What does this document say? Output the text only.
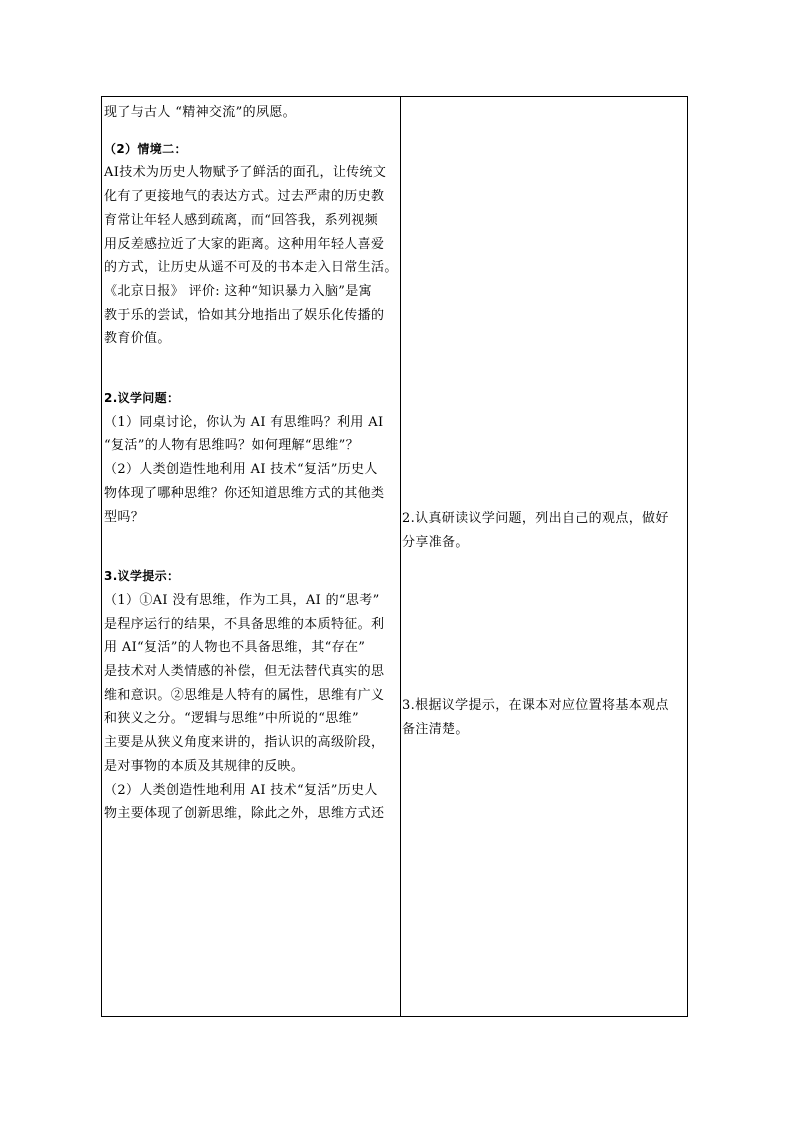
现了与古人 “精神交流”的夙愿。
（2）情境二：
AI技术为历史人物赋予了鲜活的面孔，让传统文
化有了更接地气的表达方式。过去严肃的历史教
育常让年轻人感到疏离，而“回答我，系列视频
用反差感拉近了大家的距离。这种用年轻人喜爱
的方式，让历史从遥不可及的书本走入日常生活。
《北京日报》 评价: 这种“知识暴力入脑”是寓
教于乐的尝试，恰如其分地指出了娱乐化传播的
教育价值。
2.议学问题：
（1）同桌讨论，你认为 AI 有思维吗？利用 AI
“复活”的人物有思维吗？如何理解“思维”？
（2）人类创造性地利用 AI 技术“复活”历史人
物体现了哪种思维？你还知道思维方式的其他类
型吗？
3.议学提示：
（1）①AI 没有思维，作为工具，AI 的“思考”
是程序运行的结果，不具备思维的本质特征。利
用 AI“复活”的人物也不具备思维，其“存在”
是技术对人类情感的补偿，但无法替代真实的思
维和意识。②思维是人特有的属性，思维有广义
和狭义之分。“逻辑与思维”中所说的“思维”
主要是从狭义角度来讲的，指认识的高级阶段，
是对事物的本质及其规律的反映。
（2）人类创造性地利用 AI 技术“复活”历史人
物主要体现了创新思维，除此之外，思维方式还
2.认真研读议学问题，列出自己的观点，做好
分享准备。
3.根据议学提示，在课本对应位置将基本观点
备注清楚。
